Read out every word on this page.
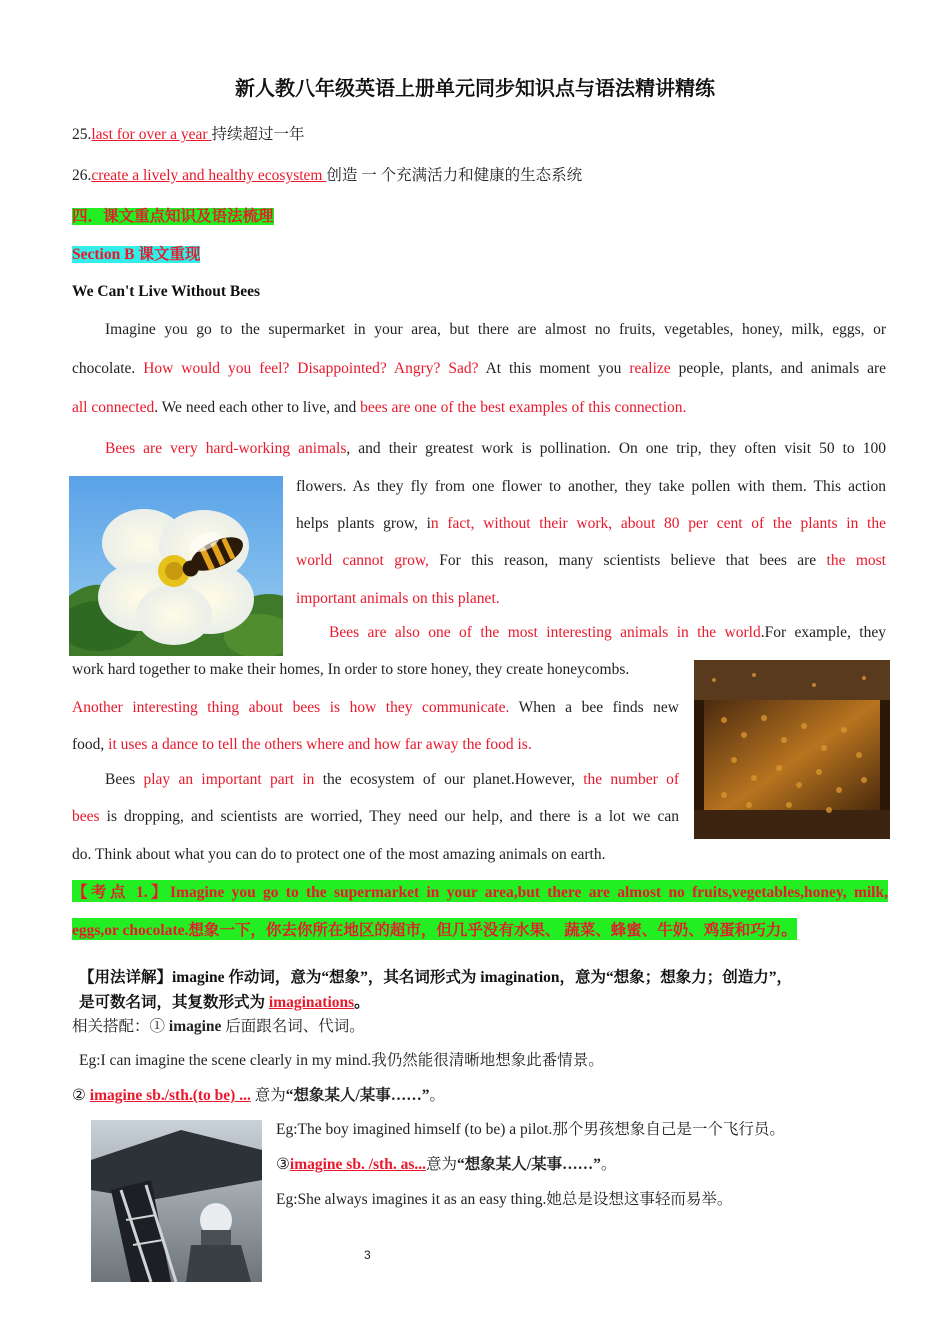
新人教八年级英语上册单元同步知识点与语法精讲精练
25.last for over a year 持续超过一年
26.create a lively and healthy ecosystem 创造 一 个充满活力和健康的生态系统
四．课文重点知识及语法梳理
Section B 课文重现
We Can't Live Without Bees
Imagine you go to the supermarket in your area, but there are almost no fruits, vegetables, honey, milk, eggs, or
chocolate. How would you feel? Disappointed? Angry? Sad? At this moment you realize people, plants, and animals are
all connected. We need each other to live, and bees are one of the best examples of this connection.
Bees are very hard-working animals, and their greatest work is pollination. On one trip, they often visit 50 to 100
flowers. As they fly from one flower to another, they take pollen with them. This action
helps plants grow, in fact, without their work, about 80 per cent of the plants in the
world cannot grow, For this reason, many scientists believe that bees are the most
important animals on this planet.
Bees are also one of the most interesting animals in the world.For example, they
work hard together to make their homes, In order to store honey, they create honeycombs.
Another interesting thing about bees is how they communicate. When a bee finds new
food, it uses a dance to tell the others where and how far away the food is.
Bees play an important part in the ecosystem of our planet.However, the number of
bees is dropping, and scientists are worried, They need our help, and there is a lot we can
do. Think about what you can do to protect one of the most amazing animals on earth.
【考点 1.】Imagine you go to the supermarket in your area,but there are almost no fruits,vegetables,honey, milk,
eggs,or chocolate.想象一下，你去你所在地区的超市，但几乎没有水果、 蔬菜、蜂蜜、牛奶、鸡蛋和巧力。
【用法详解】imagine 作动词，意为“想象”，其名词形式为 imagination，意为“想象；想象力；创造力”，
是可数名词，其复数形式为 imaginations。
相关搭配：① imagine 后面跟名词、代词。
Eg:I can imagine the scene clearly in my mind.我仍然能很清晰地想象此番情景。
② imagine sb./sth.(to be) ... 意为“想象某人/某事……”。
Eg:The boy imagined himself (to be) a pilot.那个男孩想象自己是一个飞行员。
③imagine sb. /sth. as...意为“想象某人/某事……”。
Eg:She always imagines it as an easy thing.她总是设想这事轻而易举。
3
